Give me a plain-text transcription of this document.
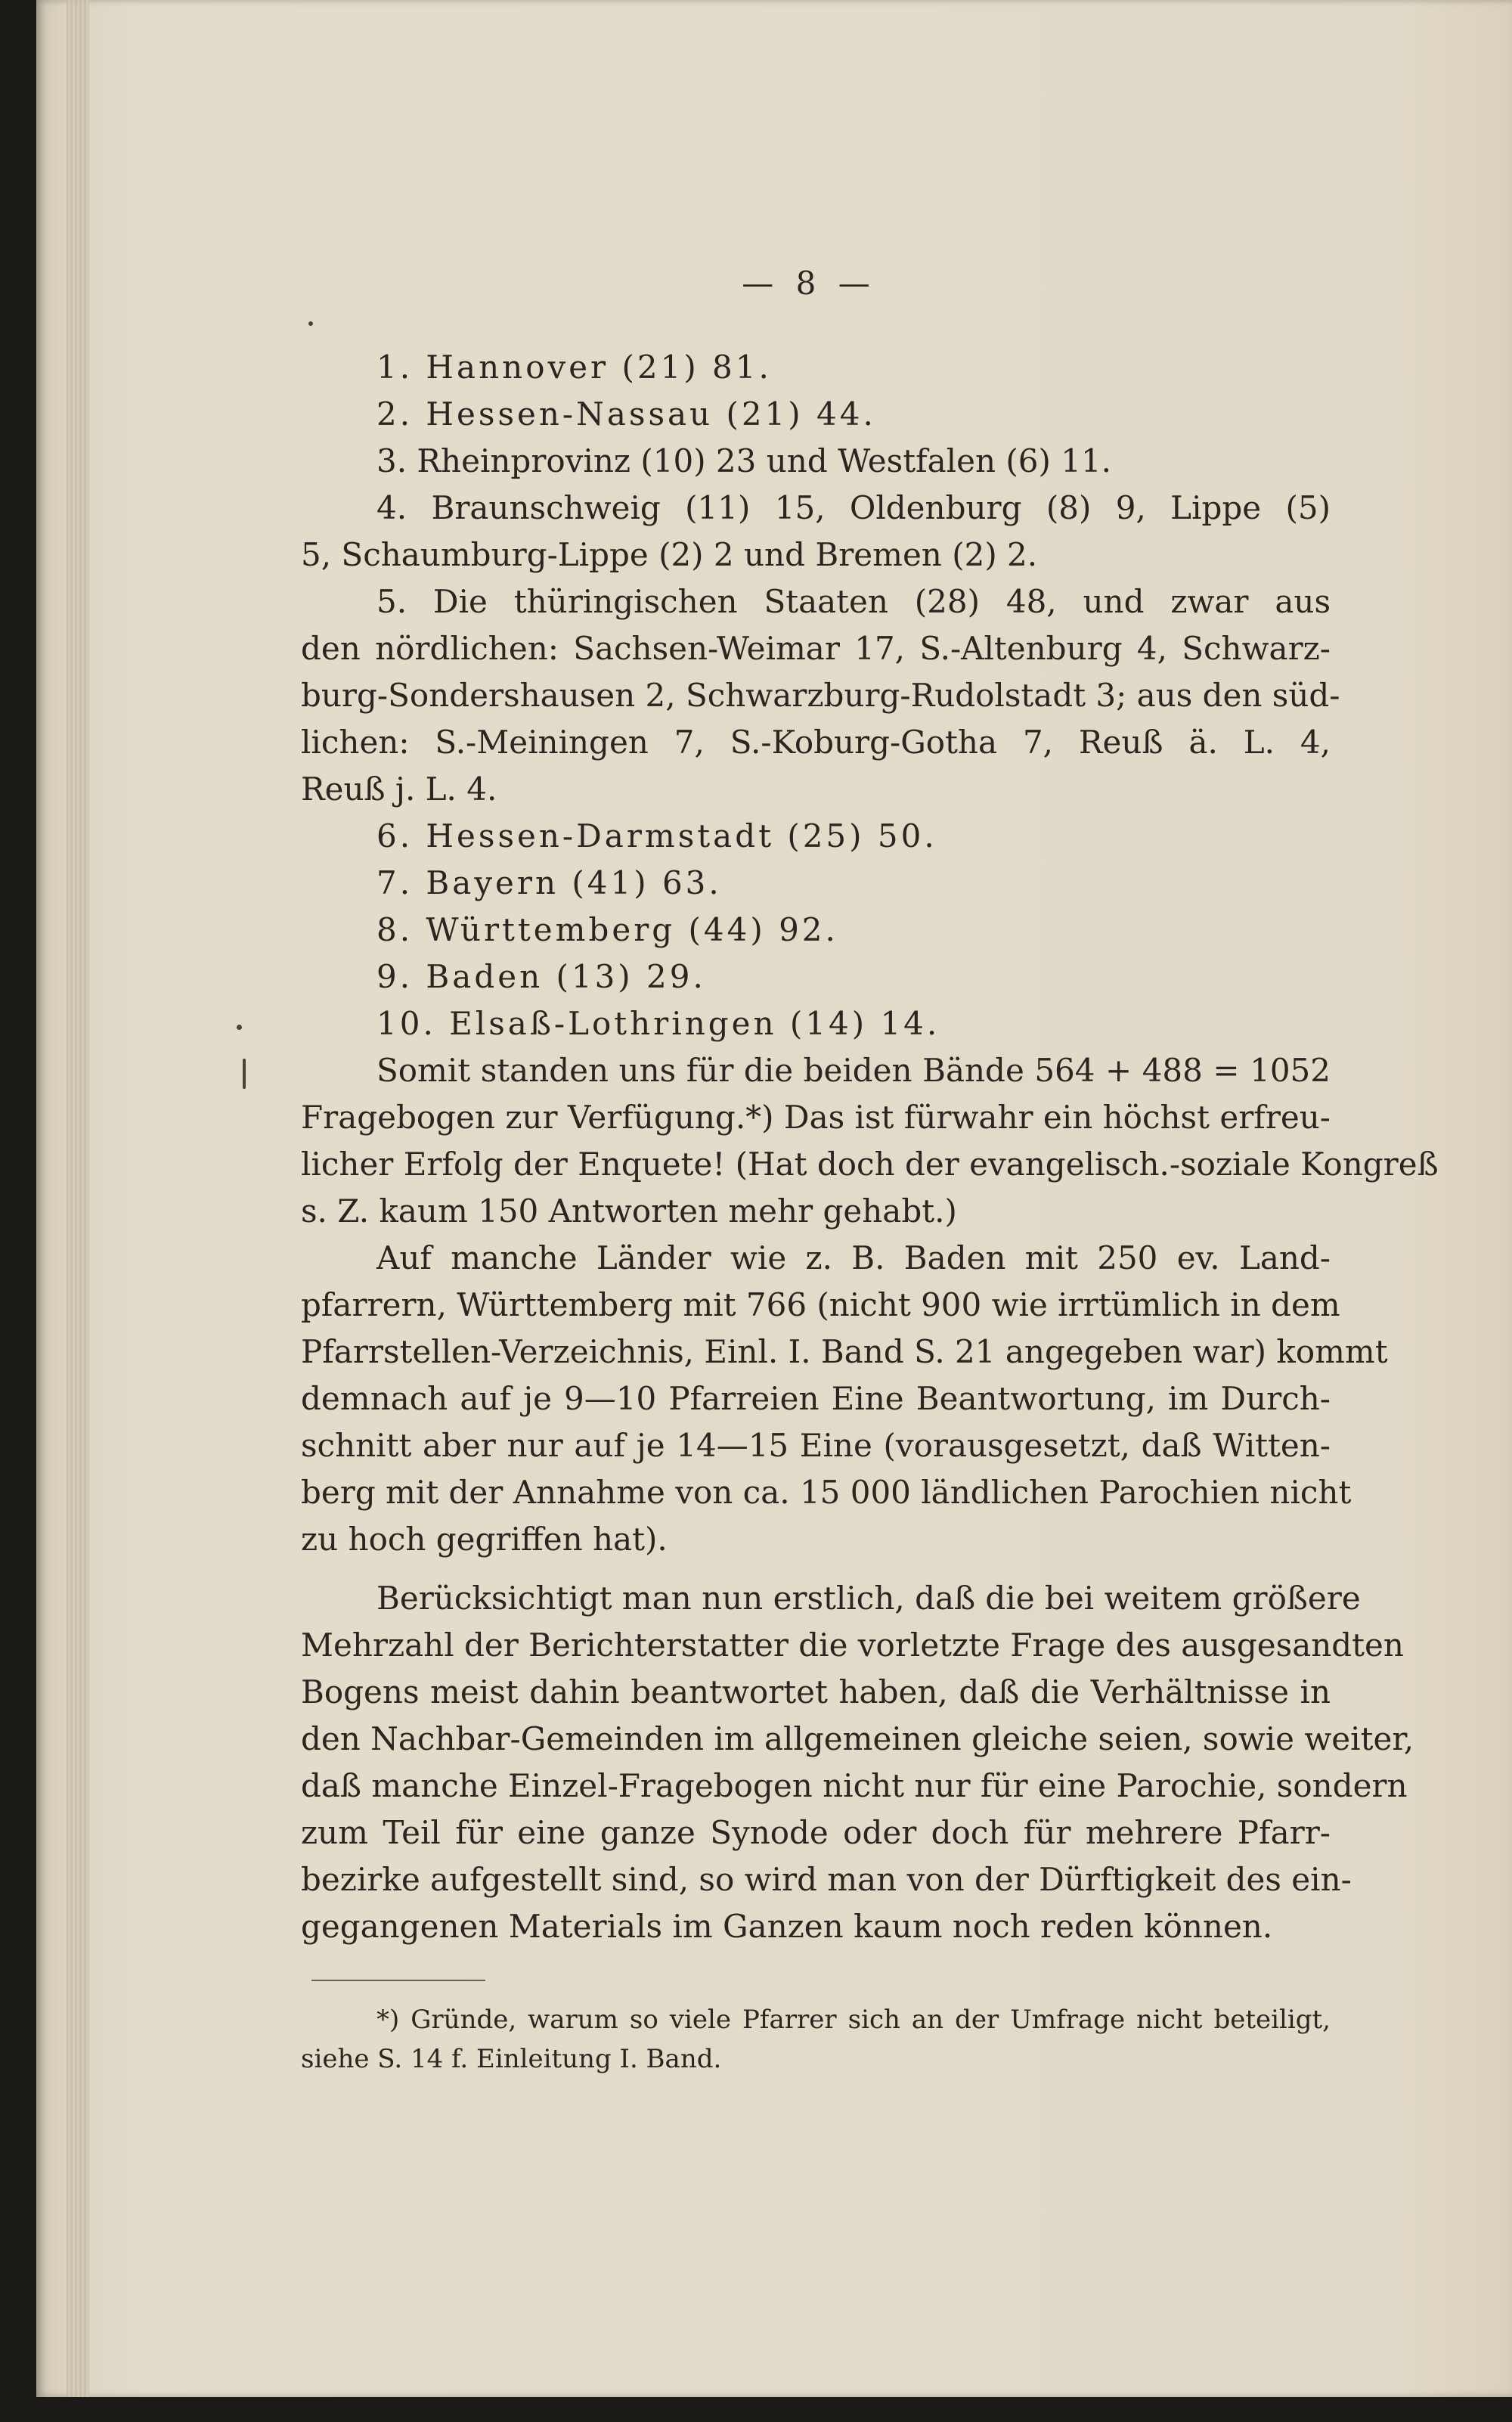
— 8 —
1. Hannover (21) 81.
2. Hessen-Nassau (21) 44.
3. Rheinprovinz (10) 23 und Westfalen (6) 11.
4. Braunschweig (11) 15, Oldenburg (8) 9, Lippe (5)
5, Schaumburg-Lippe (2) 2 und Bremen (2) 2.
5. Die thüringischen Staaten (28) 48, und zwar aus
den nördlichen: Sachsen-Weimar 17, S.-Altenburg 4, Schwarz-
burg-Sondershausen 2, Schwarzburg-Rudolstadt 3; aus den süd-
lichen: S.-Meiningen 7, S.-Koburg-Gotha 7, Reuß ä. L. 4,
Reuß j. L. 4.
6. Hessen-Darmstadt (25) 50.
7. Bayern (41) 63.
8. Württemberg (44) 92.
9. Baden (13) 29.
10. Elsaß-Lothringen (14) 14.
Somit standen uns für die beiden Bände 564 + 488 = 1052
Fragebogen zur Verfügung.*) Das ist fürwahr ein höchst erfreu-
licher Erfolg der Enquete! (Hat doch der evangelisch.-soziale Kongreß
s. Z. kaum 150 Antworten mehr gehabt.)
Auf manche Länder wie z. B. Baden mit 250 ev. Land-
pfarrern, Württemberg mit 766 (nicht 900 wie irrtümlich in dem
Pfarrstellen-Verzeichnis, Einl. I. Band S. 21 angegeben war) kommt
demnach auf je 9—10 Pfarreien Eine Beantwortung, im Durch-
schnitt aber nur auf je 14—15 Eine (vorausgesetzt, daß Witten-
berg mit der Annahme von ca. 15 000 ländlichen Parochien nicht
zu hoch gegriffen hat).
Berücksichtigt man nun erstlich, daß die bei weitem größere
Mehrzahl der Berichterstatter die vorletzte Frage des ausgesandten
Bogens meist dahin beantwortet haben, daß die Verhältnisse in
den Nachbar-Gemeinden im allgemeinen gleiche seien, sowie weiter,
daß manche Einzel-Fragebogen nicht nur für eine Parochie, sondern
zum Teil für eine ganze Synode oder doch für mehrere Pfarr-
bezirke aufgestellt sind, so wird man von der Dürftigkeit des ein-
gegangenen Materials im Ganzen kaum noch reden können.
*) Gründe, warum so viele Pfarrer sich an der Umfrage nicht beteiligt,
siehe S. 14 f. Einleitung I. Band.
